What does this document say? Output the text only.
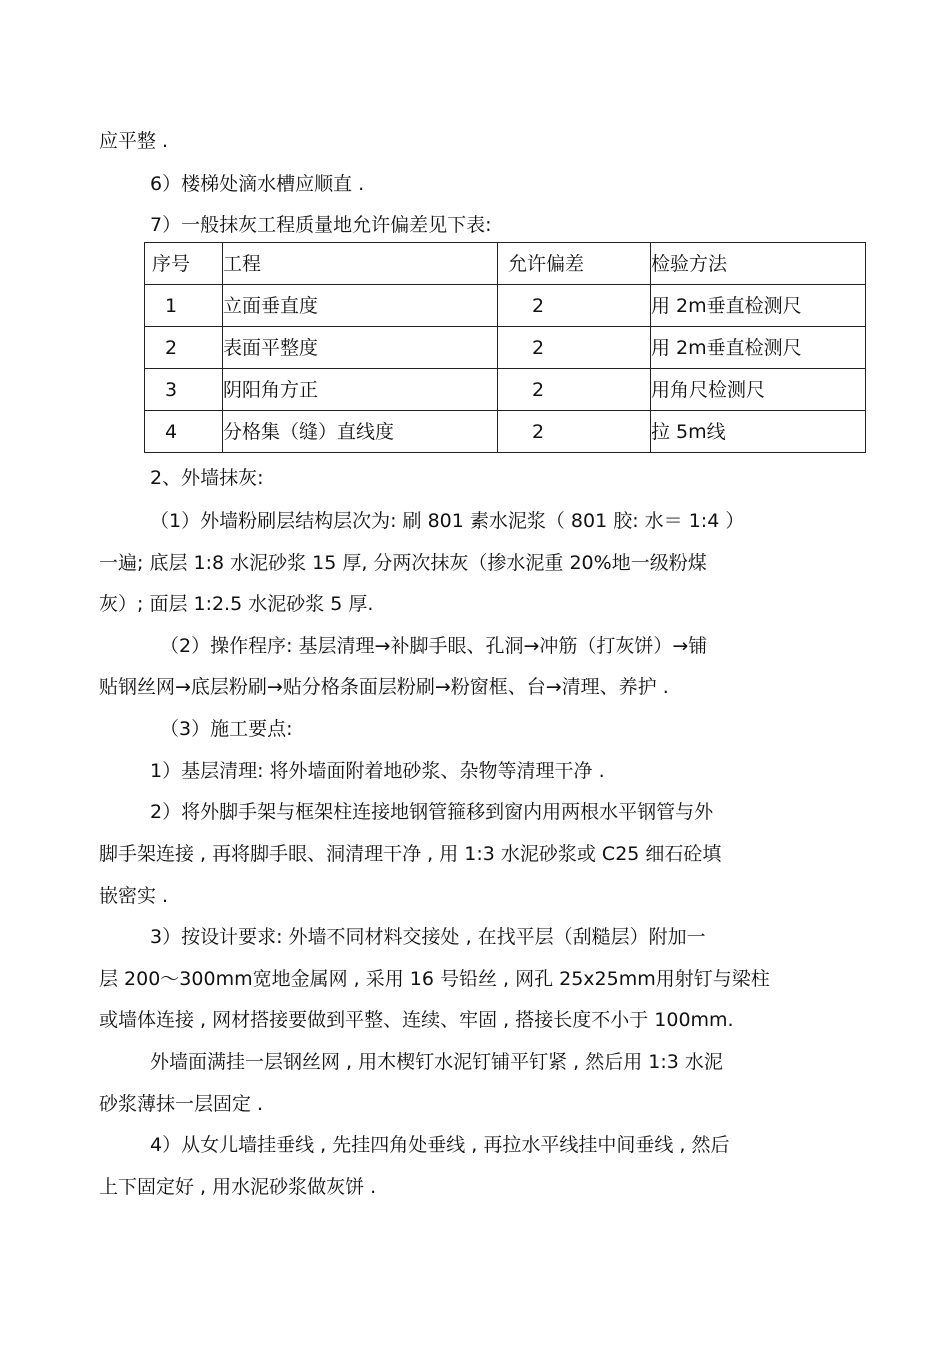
应平整 .
6）楼梯处滴水槽应顺直 .
7）一般抹灰工程质量地允许偏差见下表:
序号	工程	允许偏差	检验方法
1	立面垂直度	2	用 2m垂直检测尺
2	表面平整度	2	用 2m垂直检测尺
3	阴阳角方正	2	用角尺检测尺
4	分格集（缝）直线度	2	拉 5m线
2、外墙抹灰:
（1）外墙粉刷层结构层次为: 刷 801 素水泥浆（ 801 胶: 水＝ 1:4 ）
一遍; 底层 1:8 水泥砂浆 15 厚, 分两次抹灰（掺水泥重 20%地一级粉煤
灰）; 面层 1:2.5 水泥砂浆 5 厚.
（2）操作程序: 基层清理→补脚手眼、孔洞→冲筋（打灰饼）→铺
贴钢丝网→底层粉刷→贴分格条面层粉刷→粉窗框、台→清理、养护 .
（3）施工要点:
1）基层清理: 将外墙面附着地砂浆、杂物等清理干净 .
2）将外脚手架与框架柱连接地钢管箍移到窗内用两根水平钢管与外
脚手架连接 , 再将脚手眼、洞清理干净 , 用 1:3 水泥砂浆或 C25 细石砼填
嵌密实 .
3）按设计要求: 外墙不同材料交接处 , 在找平层（刮糙层）附加一
层 200～300mm宽地金属网 , 采用 16 号铅丝 , 网孔 25x25mm用射钉与梁柱
或墙体连接 , 网材搭接要做到平整、连续、牢固 , 搭接长度不小于 100mm.
外墙面满挂一层钢丝网 , 用木楔钉水泥钉铺平钉紧 , 然后用 1:3 水泥
砂浆薄抹一层固定 .
4）从女儿墙挂垂线 , 先挂四角处垂线 , 再拉水平线挂中间垂线 , 然后
上下固定好 , 用水泥砂浆做灰饼 .
